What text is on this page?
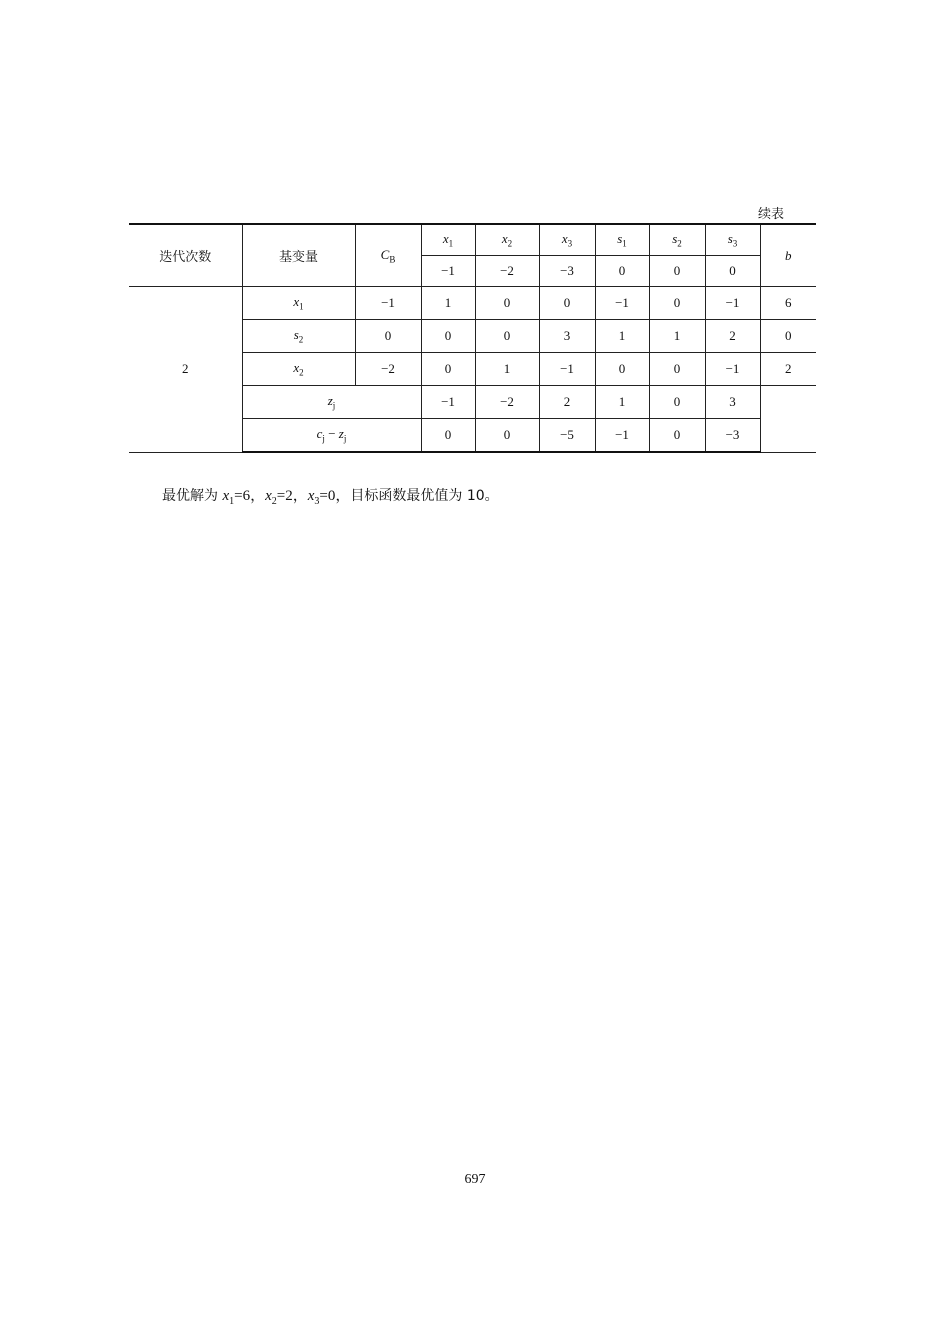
续表
迭代次数	基变量	$C_B$	$x_1$	$x_2$	$x_3$	$s_1$	$s_2$	$s_3$	b
			−1	−2	−3	0	0	0	
2	$x_1$	−1	1	0	0	−1	0	−1	6
	$s_2$	0	0	0	3	1	1	2	0
	$x_2$	−2	0	1	−1	0	0	−1	2
	$z_j$		−1	−2	2	1	0	3	
	$c_j - z_j$		0	0	−5	−1	0	−3	
最优解为 $x_1=6$，$x_2=2$，$x_3=0$，目标函数最优值为 10。
697
